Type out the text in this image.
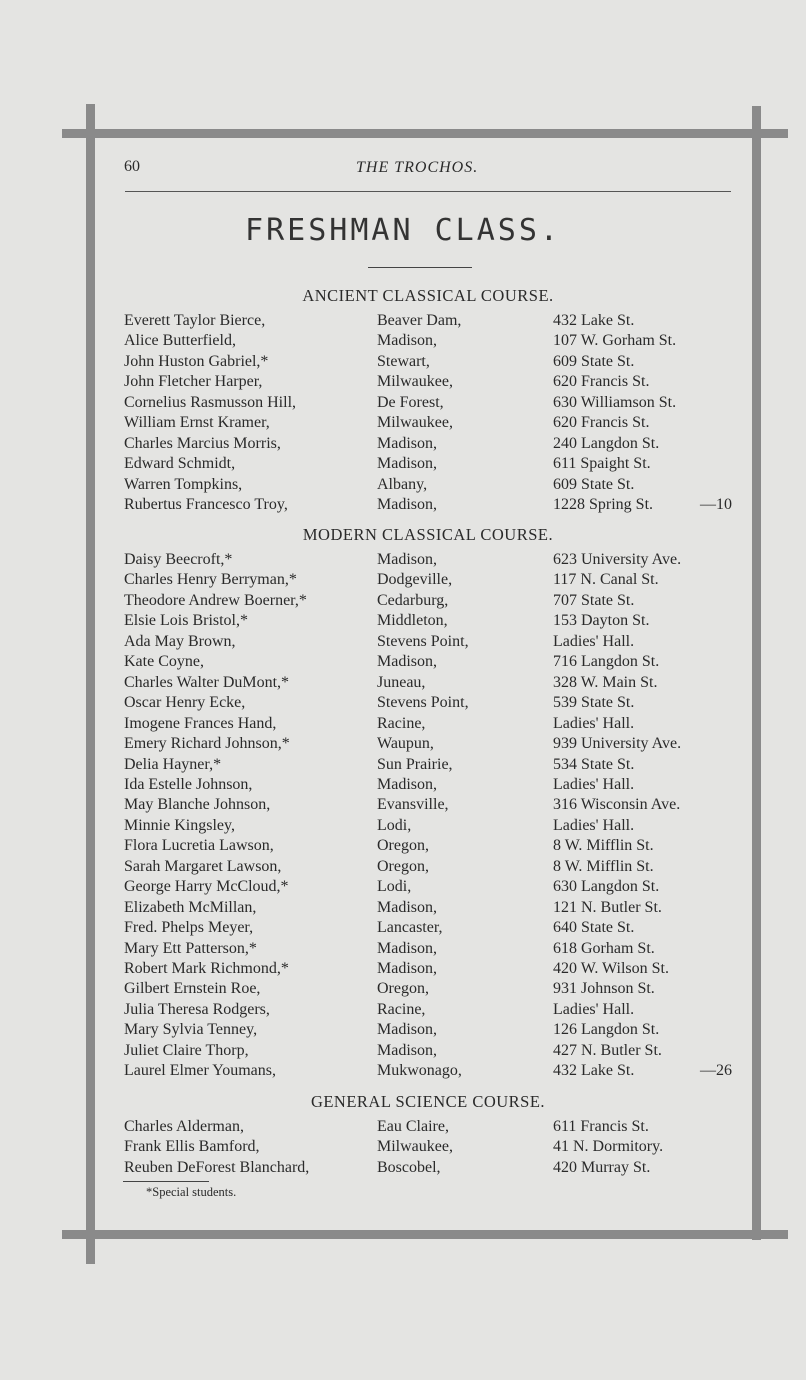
60	THE TROCHOS.
FRESHMAN CLASS.
ANCIENT CLASSICAL COURSE.
Everett Taylor Bierce,	Beaver Dam,	432 Lake St.
Alice Butterfield,	Madison,	107 W. Gorham St.
John Huston Gabriel,*	Stewart,	609 State St.
John Fletcher Harper,	Milwaukee,	620 Francis St.
Cornelius Rasmusson Hill,	De Forest,	630 Williamson St.
William Ernst Kramer,	Milwaukee,	620 Francis St.
Charles Marcius Morris,	Madison,	240 Langdon St.
Edward Schmidt,	Madison,	611 Spaight St.
Warren Tompkins,	Albany,	609 State St.
Rubertus Francesco Troy,	Madison,	1228 Spring St.	—10
MODERN CLASSICAL COURSE.
Daisy Beecroft,*	Madison,	623 University Ave.
Charles Henry Berryman,*	Dodgeville,	117 N. Canal St.
Theodore Andrew Boerner,*	Cedarburg,	707 State St.
Elsie Lois Bristol,*	Middleton,	153 Dayton St.
Ada May Brown,	Stevens Point,	Ladies' Hall.
Kate Coyne,	Madison,	716 Langdon St.
Charles Walter DuMont,*	Juneau,	328 W. Main St.
Oscar Henry Ecke,	Stevens Point,	539 State St.
Imogene Frances Hand,	Racine,	Ladies' Hall.
Emery Richard Johnson,*	Waupun,	939 University Ave.
Delia Hayner,*	Sun Prairie,	534 State St.
Ida Estelle Johnson,	Madison,	Ladies' Hall.
May Blanche Johnson,	Evansville,	316 Wisconsin Ave.
Minnie Kingsley,	Lodi,	Ladies' Hall.
Flora Lucretia Lawson,	Oregon,	8 W. Mifflin St.
Sarah Margaret Lawson,	Oregon,	8 W. Mifflin St.
George Harry McCloud,*	Lodi,	630 Langdon St.
Elizabeth McMillan,	Madison,	121 N. Butler St.
Fred. Phelps Meyer,	Lancaster,	640 State St.
Mary Ett Patterson,*	Madison,	618 Gorham St.
Robert Mark Richmond,*	Madison,	420 W. Wilson St.
Gilbert Ernstein Roe,	Oregon,	931 Johnson St.
Julia Theresa Rodgers,	Racine,	Ladies' Hall.
Mary Sylvia Tenney,	Madison,	126 Langdon St.
Juliet Claire Thorp,	Madison,	427 N. Butler St.
Laurel Elmer Youmans,	Mukwonago,	432 Lake St.	—26
GENERAL SCIENCE COURSE.
Charles Alderman,	Eau Claire,	611 Francis St.
Frank Ellis Bamford,	Milwaukee,	41 N. Dormitory.
Reuben DeForest Blanchard,	Boscobel,	420 Murray St.
*Special students.
